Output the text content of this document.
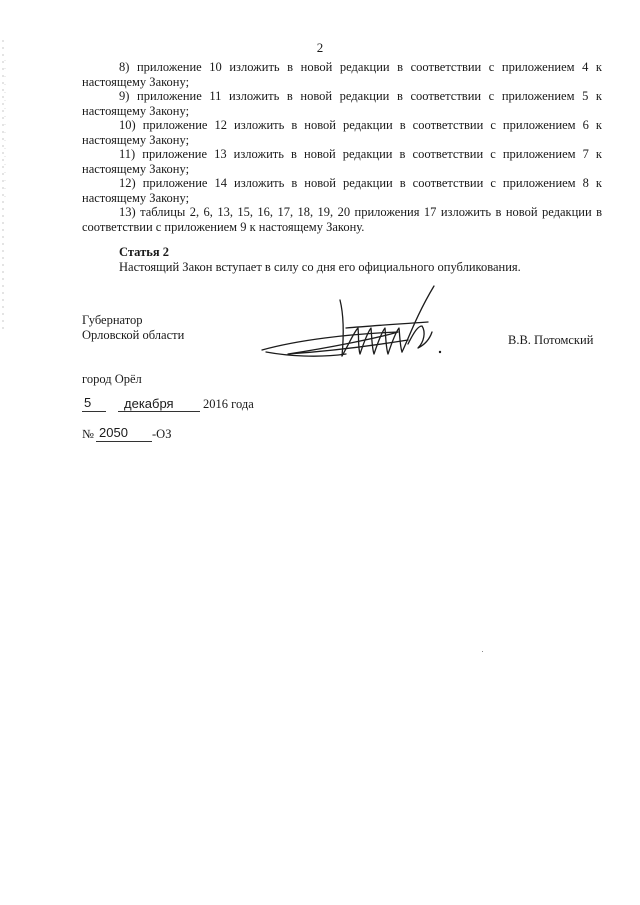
2

8) приложение 10 изложить в новой редакции в соответствии с приложением 4 к настоящему Закону;

9) приложение 11 изложить в новой редакции в соответствии с приложением 5 к настоящему Закону;

10) приложение 12 изложить в новой редакции в соответствии с приложением 6 к настоящему Закону;

11) приложение 13 изложить в новой редакции в соответствии с приложением 7 к настоящему Закону;

12) приложение 14 изложить в новой редакции в соответствии с приложением 8 к настоящему Закону;

13) таблицы 2, 6, 13, 15, 16, 17, 18, 19, 20 приложения 17 изложить в новой редакции в соответствии с приложением 9 к настоящему Закону.

Статья 2
Настоящий Закон вступает в силу со дня его официального опубликования.
Губернатор
Орловской области	В.В. Потомский
город Орёл
5	декабря 2016 года
№ 2050 -ОЗ
